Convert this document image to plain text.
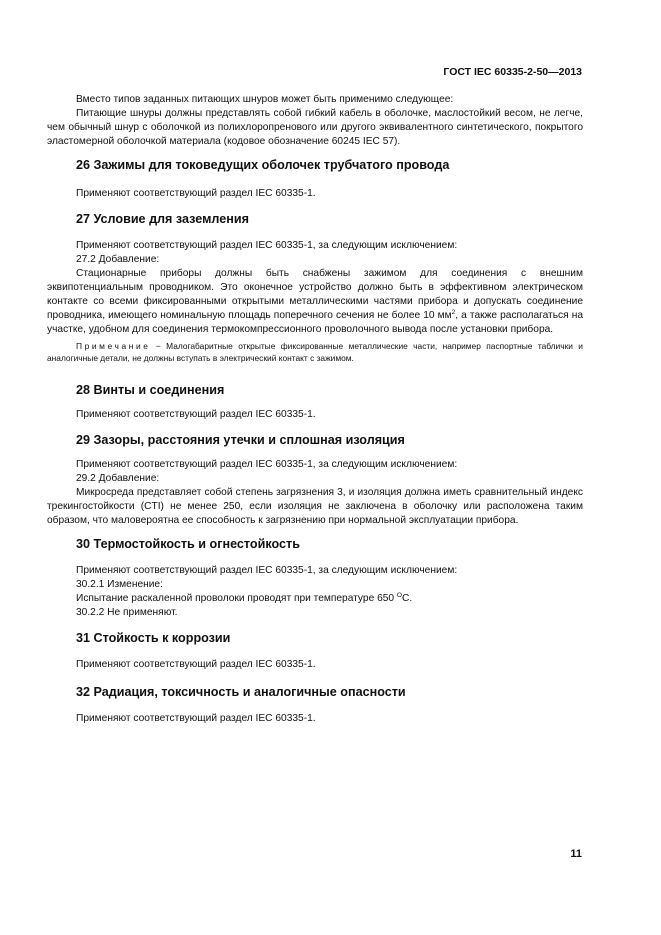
ГОСТ IEC 60335-2-50—2013

Вместо типов заданных питающих шнуров может быть применимо следующее:

Питающие шнуры должны представлять собой гибкий кабель в оболочке, маслостойкий весом, не легче, чем обычный шнур с оболочкой из полихлоропренового или другого эквивалентного синтетического, покрытого эластомерной оболочкой материала (кодовое обозначение 60245 IEC 57).

26 Зажимы для токоведущих оболочек трубчатого провода

Применяют соответствующий раздел IEC 60335-1.

27 Условие для заземления

Применяют соответствующий раздел IEC 60335-1, за следующим исключением:

27.2 Добавление:

Стационарные приборы должны быть снабжены зажимом для соединения с внешним эквипотенциальным проводником. Это оконечное устройство должно быть в эффективном электрическом контакте со всеми фиксированными открытыми металлическими частями прибора и допускать соединение проводника, имеющего номинальную площадь поперечного сечения не более 10 $мм^2$, а также располагаться на участке, удобном для соединения термокомпрессионного проволочного вывода после установки прибора.

Примечание − Малогабаритные открытые фиксированные металлические части, например паспортные таблички и аналогичные детали, не должны вступать в электрический контакт с зажимом.

28 Винты и соединения

Применяют соответствующий раздел IEC 60335-1.

29 Зазоры, расстояния утечки и сплошная изоляция

Применяют соответствующий раздел IEC 60335-1, за следующим исключением:

29.2 Добавление:

Микросреда представляет собой степень загрязнения 3, и изоляция должна иметь сравнительный индекс трекингостойкости (CTI) не менее 250, если изоляция не заключена в оболочку или расположена таким образом, что маловероятна ее способность к загрязнению при нормальной эксплуатации прибора.

30 Термостойкость и огнестойкость

Применяют соответствующий раздел IEC 60335-1, за следующим исключением:

30.2.1 Изменение:

Испытание раскаленной проволоки проводят при температуре 650 $^O$С.

30.2.2 Не применяют.

31 Стойкость к коррозии

Применяют соответствующий раздел IEC 60335-1.

32 Радиация, токсичность и аналогичные опасности

Применяют соответствующий раздел IEC 60335-1.

11
